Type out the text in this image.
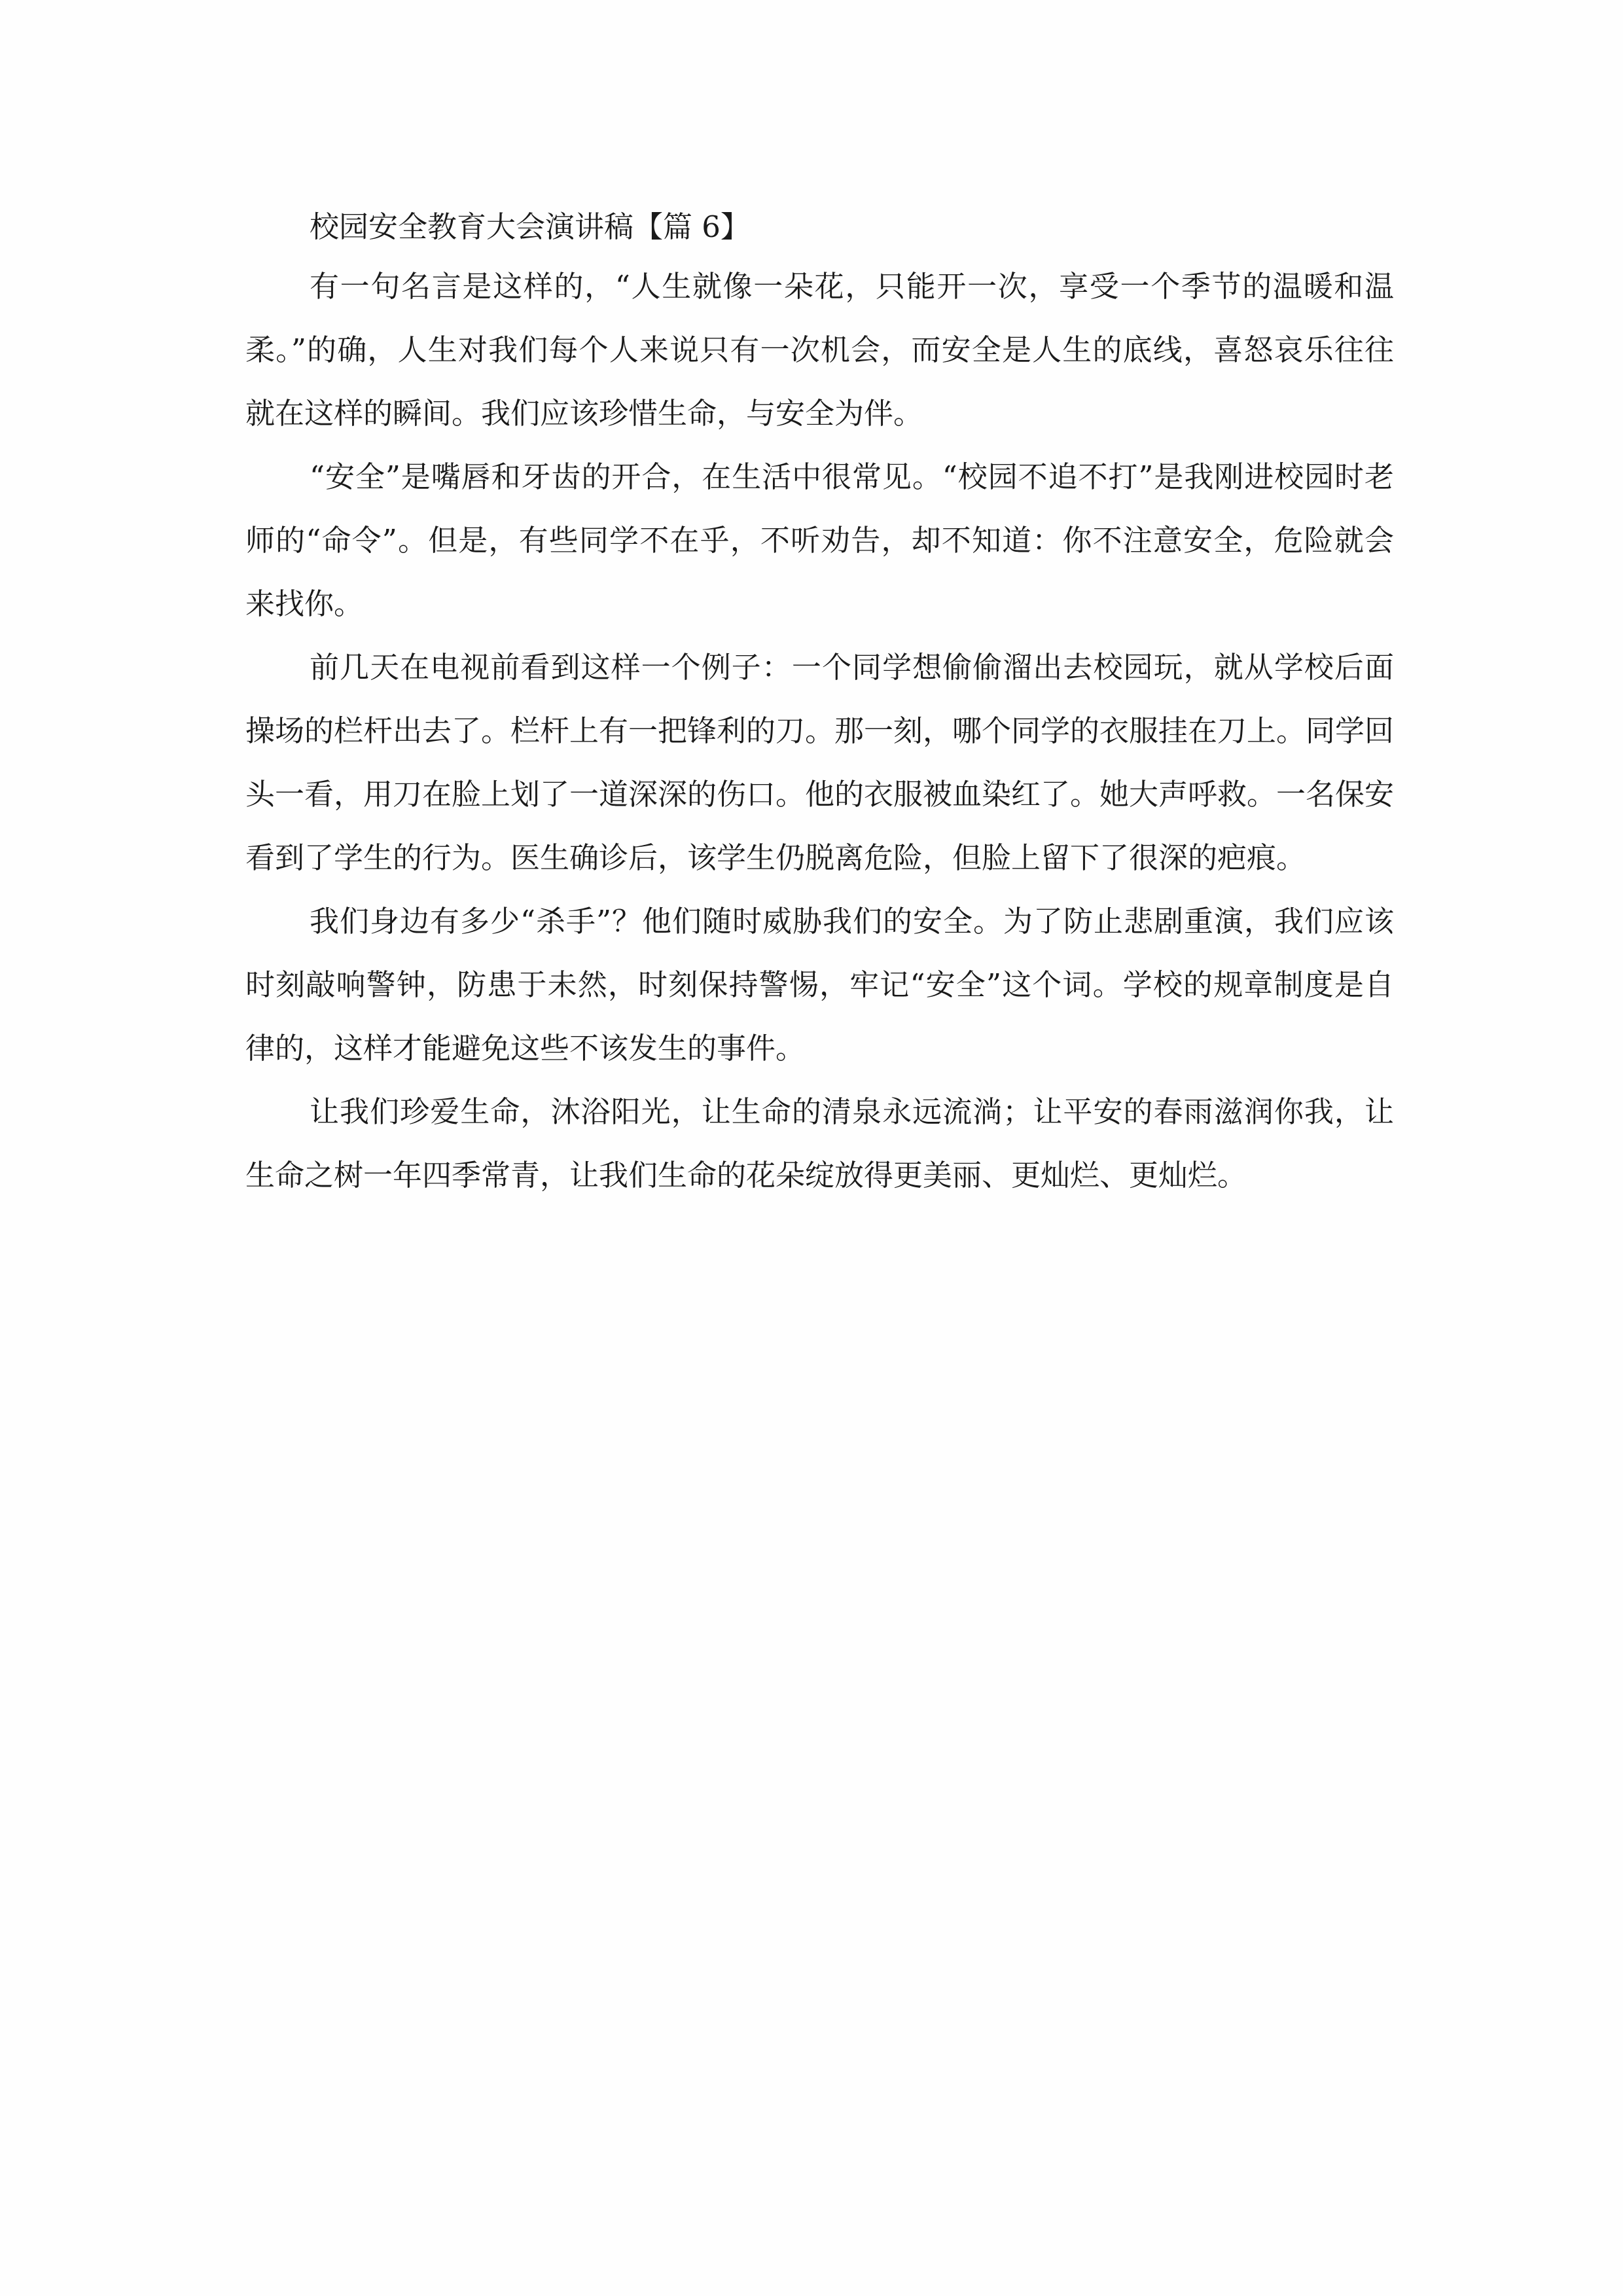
校园安全教育大会演讲稿【篇 6】

有一句名言是这样的，“人生就像一朵花，只能开一次，享受一个季节的温暖和温柔。”的确，人生对我们每个人来说只有一次机会，而安全是人生的底线，喜怒哀乐往往就在这样的瞬间。我们应该珍惜生命，与安全为伴。

“安全”是嘴唇和牙齿的开合，在生活中很常见。“校园不追不打”是我刚进校园时老师的“命令”。但是，有些同学不在乎，不听劝告，却不知道：你不注意安全，危险就会来找你。

前几天在电视前看到这样一个例子：一个同学想偷偷溜出去校园玩，就从学校后面操场的栏杆出去了。栏杆上有一把锋利的刀。那一刻，哪个同学的衣服挂在刀上。同学回头一看，用刀在脸上划了一道深深的伤口。他的衣服被血染红了。她大声呼救。一名保安看到了学生的行为。医生确诊后，该学生仍脱离危险，但脸上留下了很深的疤痕。

我们身边有多少“杀手”？他们随时威胁我们的安全。为了防止悲剧重演，我们应该时刻敲响警钟，防患于未然，时刻保持警惕，牢记“安全”这个词。学校的规章制度是自律的，这样才能避免这些不该发生的事件。

让我们珍爱生命，沐浴阳光，让生命的清泉永远流淌；让平安的春雨滋润你我，让生命之树一年四季常青，让我们生命的花朵绽放得更美丽、更灿烂、更灿烂。
